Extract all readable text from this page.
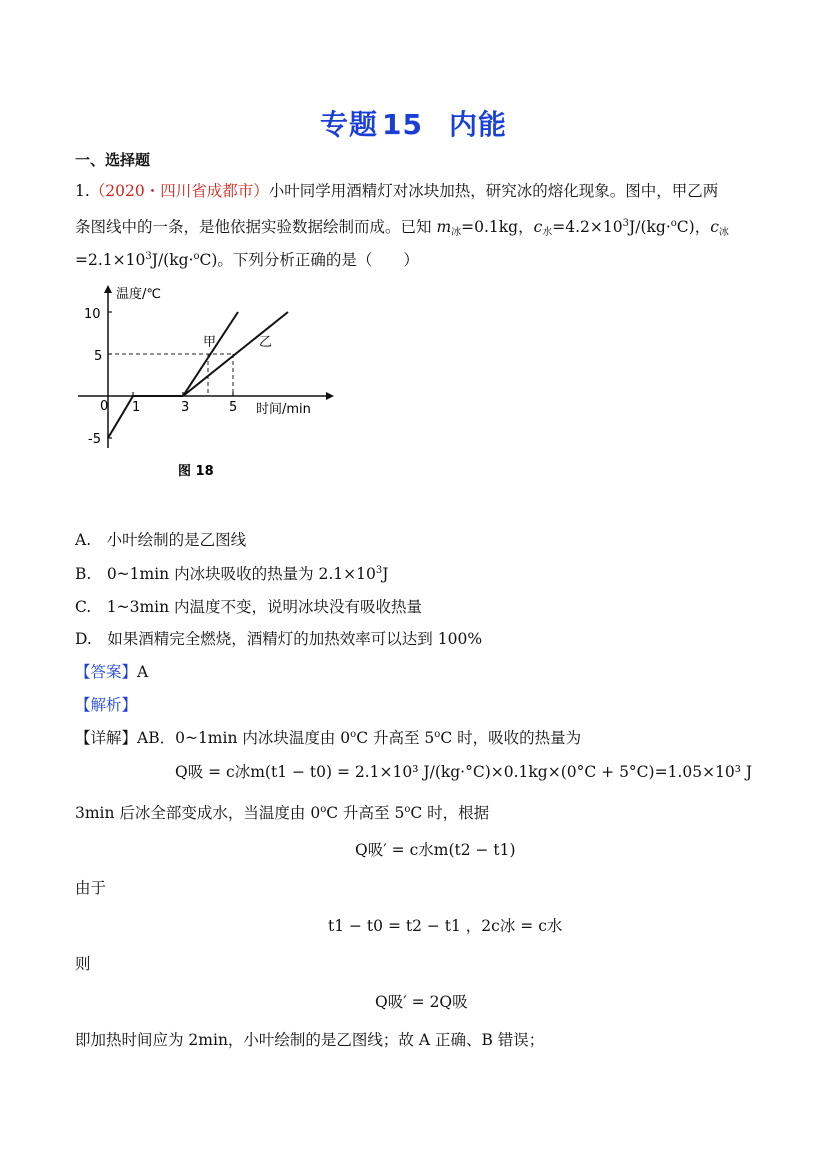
专题 15 内能
一、选择题
1.（2020・四川省成都市）小叶同学用酒精灯对冰块加热，研究冰的熔化现象。图中，甲乙两
条图线中的一条，是他依据实验数据绘制而成。已知 $m_冰=0.1kg$，$c_水=4.2\times 10^3J/(kg\cdot^oC)$，$c_冰$
$=2.1\times 10^3J/(kg\cdot^oC)$。下列分析正确的是（　　）
温度/℃
时间/min
10
5
-5
0 1	3	5
甲	乙
图 18
A.　小叶绘制的是乙图线
B.　0~1min 内冰块吸收的热量为 $2.1\times 10^3J$
C.　1~3min 内温度不变，说明冰块没有吸收热量
D.　如果酒精完全燃烧，酒精灯的加热效率可以达到 100%
【答案】A
【解析】
【详解】AB．0~1min 内冰块温度由 0$^o$C 升高至 5$^o$C 时，吸收的热量为
Q吸 = c冰m(t1 − t0) = 2.1×10³ J/(kg·°C)×0.1kg×(0°C + 5°C)=1.05×10³ J
3min 后冰全部变成水，当温度由 0$^o$C 升高至 5$^o$C 时，根据
Q吸′ = c水m(t2 − t1)
由于
t1 − t0 = t2 − t1 ，2c冰 = c水
则
Q吸′ = 2Q吸
即加热时间应为 2min，小叶绘制的是乙图线；故 A 正确、B 错误；
